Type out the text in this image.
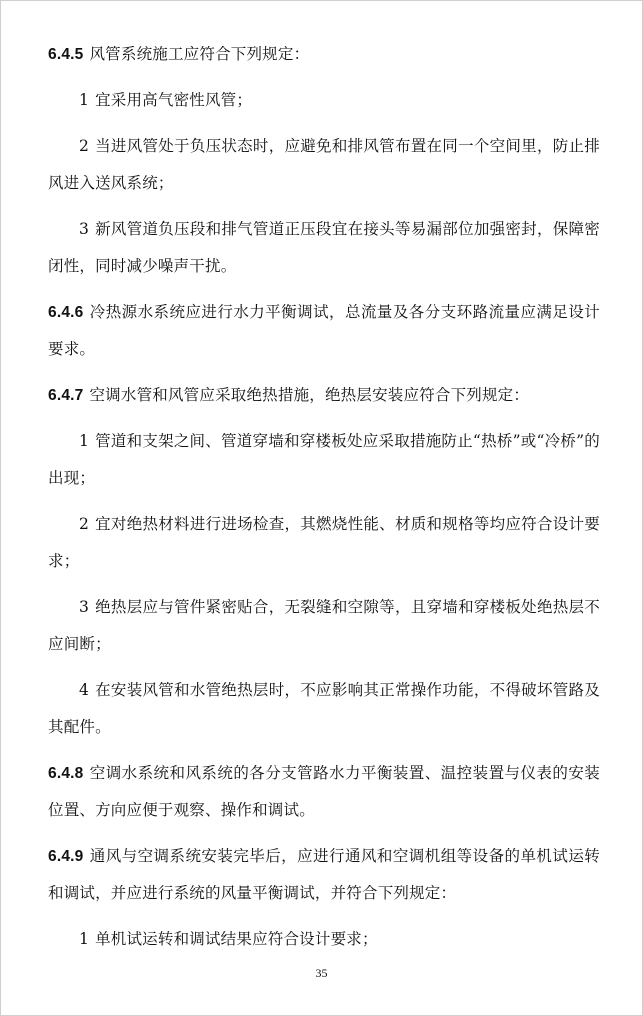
6.4.5 风管系统施工应符合下列规定：

1 宜采用高气密性风管；

2 当进风管处于负压状态时，应避免和排风管布置在同一个空间里，防止排风进入送风系统；

3 新风管道负压段和排气管道正压段宜在接头等易漏部位加强密封，保障密闭性，同时减少噪声干扰。

6.4.6 冷热源水系统应进行水力平衡调试，总流量及各分支环路流量应满足设计要求。

6.4.7 空调水管和风管应采取绝热措施，绝热层安装应符合下列规定：

1 管道和支架之间、管道穿墙和穿楼板处应采取措施防止“热桥”或“冷桥”的出现；

2 宜对绝热材料进行进场检查，其燃烧性能、材质和规格等均应符合设计要求；

3 绝热层应与管件紧密贴合，无裂缝和空隙等，且穿墙和穿楼板处绝热层不应间断；

4 在安装风管和水管绝热层时，不应影响其正常操作功能，不得破坏管路及其配件。

6.4.8 空调水系统和风系统的各分支管路水力平衡装置、温控装置与仪表的安装位置、方向应便于观察、操作和调试。

6.4.9 通风与空调系统安装完毕后，应进行通风和空调机组等设备的单机试运转和调试，并应进行系统的风量平衡调试，并符合下列规定：

1 单机试运转和调试结果应符合设计要求；

35
